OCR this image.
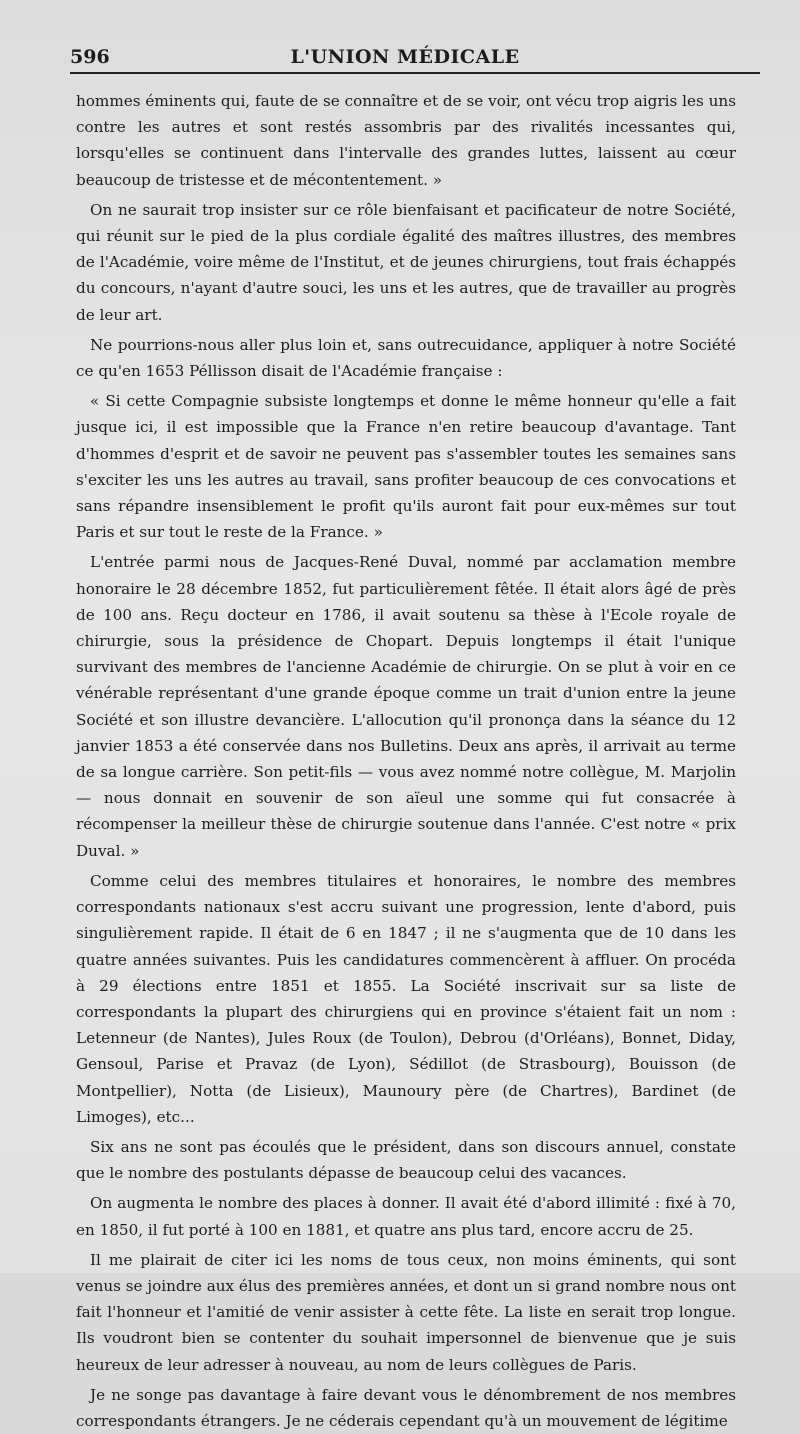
596	L'UNION MÉDICALE

hommes éminents qui, faute de se connaître et de se voir, ont vécu trop aigris les uns contre les autres et sont restés assombris par des rivalités incessantes qui, lorsqu'elles se continuent dans l'intervalle des grandes luttes, laissent au cœur beaucoup de tristesse et de mécontentement. »

On ne saurait trop insister sur ce rôle bienfaisant et pacificateur de notre Société, qui réunit sur le pied de la plus cordiale égalité des maîtres illustres, des membres de l'Académie, voire même de l'Institut, et de jeunes chirurgiens, tout frais échappés du concours, n'ayant d'autre souci, les uns et les autres, que de travailler au progrès de leur art.

Ne pourrions-nous aller plus loin et, sans outrecuidance, appliquer à notre Société ce qu'en 1653 Péllisson disait de l'Académie française :

« Si cette Compagnie subsiste longtemps et donne le même honneur qu'elle a fait jusque ici, il est impossible que la France n'en retire beaucoup d'avantage. Tant d'hommes d'esprit et de savoir ne peuvent pas s'assembler toutes les semaines sans s'exciter les uns les autres au travail, sans profiter beaucoup de ces convocations et sans répandre insensiblement le profit qu'ils auront fait pour eux-mêmes sur tout Paris et sur tout le reste de la France. »

L'entrée parmi nous de Jacques-René Duval, nommé par acclamation membre honoraire le 28 décembre 1852, fut particulièrement fêtée. Il était alors âgé de près de 100 ans. Reçu docteur en 1786, il avait soutenu sa thèse à l'Ecole royale de chirurgie, sous la présidence de Chopart. Depuis longtemps il était l'unique survivant des membres de l'ancienne Académie de chirurgie. On se plut à voir en ce vénérable représentant d'une grande époque comme un trait d'union entre la jeune Société et son illustre devancière. L'allocution qu'il prononça dans la séance du 12 janvier 1853 a été conservée dans nos Bulletins. Deux ans après, il arrivait au terme de sa longue carrière. Son petit-fils — vous avez nommé notre collègue, M. Marjolin — nous donnait en souvenir de son aïeul une somme qui fut consacrée à récompenser la meilleur thèse de chirurgie soutenue dans l'année. C'est notre « prix Duval. »

Comme celui des membres titulaires et honoraires, le nombre des membres correspondants nationaux s'est accru suivant une progression, lente d'abord, puis singulièrement rapide. Il était de 6 en 1847 ; il ne s'augmenta que de 10 dans les quatre années suivantes. Puis les candidatures commencèrent à affluer. On procéda à 29 élections entre 1851 et 1855. La Société inscrivait sur sa liste de correspondants la plupart des chirurgiens qui en province s'étaient fait un nom : Letenneur (de Nantes), Jules Roux (de Toulon), Debrou (d'Orléans), Bonnet, Diday, Gensoul, Parise et Pravaz (de Lyon), Sédillot (de Strasbourg), Bouisson (de Montpellier), Notta (de Lisieux), Maunoury père (de Chartres), Bardinet (de Limoges), etc...

Six ans ne sont pas écoulés que le président, dans son discours annuel, constate que le nombre des postulants dépasse de beaucoup celui des vacances.

On augmenta le nombre des places à donner. Il avait été d'abord illimité : fixé à 70, en 1850, il fut porté à 100 en 1881, et quatre ans plus tard, encore accru de 25.

Il me plairait de citer ici les noms de tous ceux, non moins éminents, qui sont venus se joindre aux élus des premières années, et dont un si grand nombre nous ont fait l'honneur et l'amitié de venir assister à cette fête. La liste en serait trop longue. Ils voudront bien se contenter du souhait impersonnel de bienvenue que je suis heureux de leur adresser à nouveau, au nom de leurs collègues de Paris.

Je ne songe pas davantage à faire devant vous le dénombrement de nos membres correspondants étrangers. Je ne céderais cependant qu'à un mouvement de légitime
